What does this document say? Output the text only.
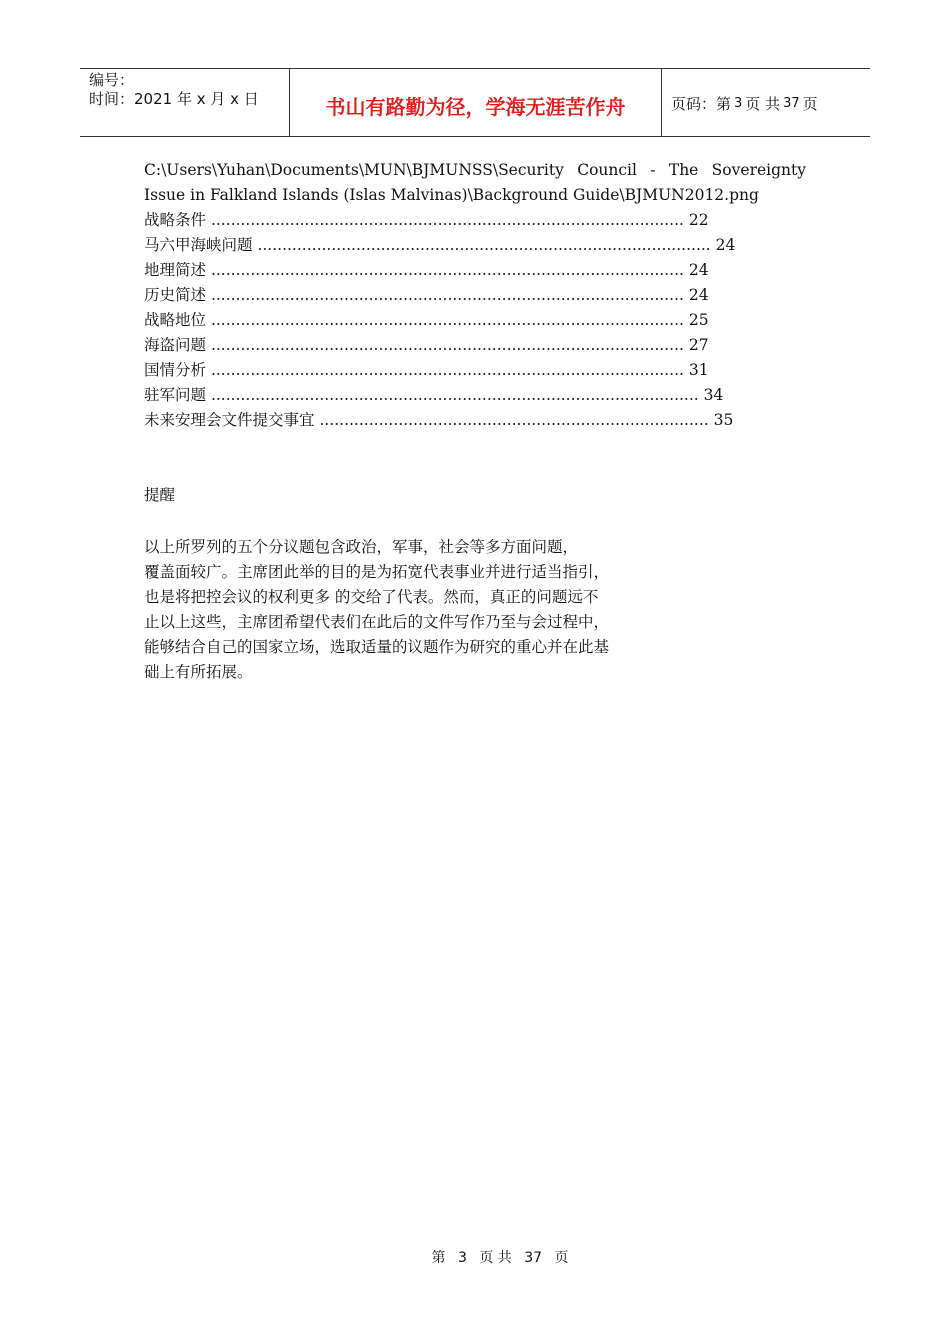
编号：
时间：2021 年 x 月 x 日	书山有路勤为径，学海无涯苦作舟	页码：第 3 页 共 37 页
C:\Users\Yuhan\Documents\MUN\BJMUNSS\Security Council - The Sovereignty Issue in Falkland Islands (Islas Malvinas)\Background Guide\BJMUN2012.png
战略条件 ................................................................................................ 22
马六甲海峡问题 ............................................................................................ 24
地理简述 ................................................................................................ 24
历史简述 ................................................................................................ 24
战略地位 ................................................................................................ 25
海盗问题 ................................................................................................ 27
国情分析 ................................................................................................ 31
驻军问题 ................................................................................................... 34
未来安理会文件提交事宜 ............................................................................... 35
提醒
以上所罗列的五个分议题包含政治，军事，社会等多方面问题，
覆盖面较广。主席团此举的目的是为拓宽代表事业并进行适当指引，
也是将把控会议的权利更多 的交给了代表。然而，真正的问题远不
止以上这些，主席团希望代表们在此后的文件写作乃至与会过程中，
能够结合自己的国家立场，选取适量的议题作为研究的重心并在此基
础上有所拓展。
第 3 页 共 37 页
